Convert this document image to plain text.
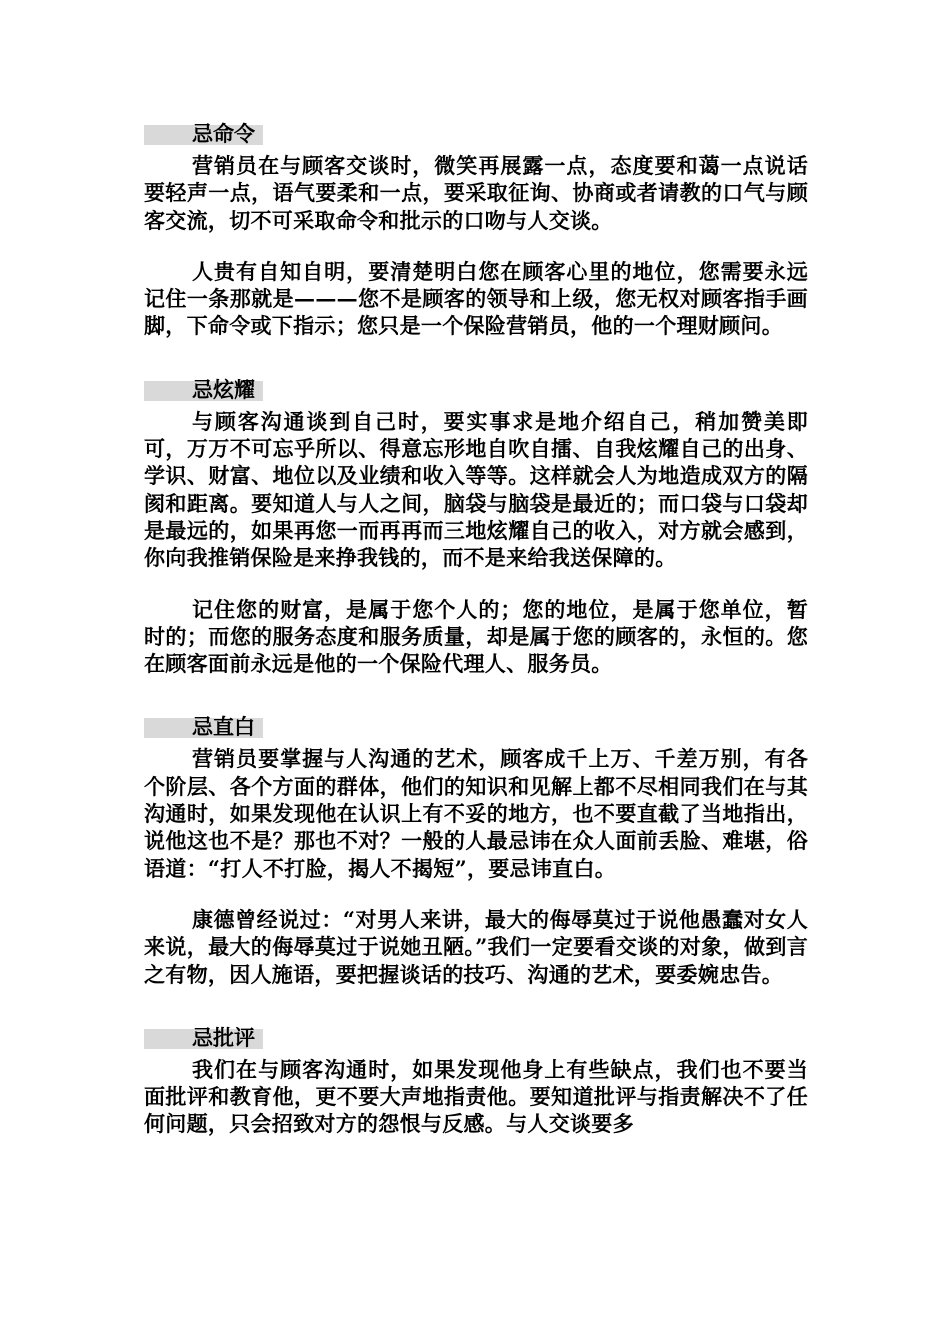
忌命令

营销员在与顾客交谈时，微笑再展露一点，态度要和蔼一点说话要轻声一点，语气要柔和一点，要采取征询、协商或者请教的口气与顾客交流，切不可采取命令和批示的口吻与人交谈。

人贵有自知自明，要清楚明白您在顾客心里的地位，您需要永远记住一条那就是———您不是顾客的领导和上级，您无权对顾客指手画脚，下命令或下指示；您只是一个保险营销员，他的一个理财顾问。

忌炫耀

与顾客沟通谈到自己时，要实事求是地介绍自己，稍加赞美即可，万万不可忘乎所以、得意忘形地自吹自擂、自我炫耀自己的出身、学识、财富、地位以及业绩和收入等等。这样就会人为地造成双方的隔阂和距离。要知道人与人之间，脑袋与脑袋是最近的；而口袋与口袋却是最远的，如果再您一而再再而三地炫耀自己的收入，对方就会感到，你向我推销保险是来挣我钱的，而不是来给我送保障的。

记住您的财富，是属于您个人的；您的地位，是属于您单位，暂时的；而您的服务态度和服务质量，却是属于您的顾客的，永恒的。您在顾客面前永远是他的一个保险代理人、服务员。

忌直白

营销员要掌握与人沟通的艺术，顾客成千上万、千差万别，有各个阶层、各个方面的群体，他们的知识和见解上都不尽相同我们在与其沟通时，如果发现他在认识上有不妥的地方，也不要直截了当地指出，说他这也不是？那也不对？一般的人最忌讳在众人面前丢脸、难堪，俗语道：“打人不打脸，揭人不揭短”，要忌讳直白。

康德曾经说过：“对男人来讲，最大的侮辱莫过于说他愚蠢对女人来说，最大的侮辱莫过于说她丑陋。”我们一定要看交谈的对象，做到言之有物，因人施语，要把握谈话的技巧、沟通的艺术，要委婉忠告。

忌批评

我们在与顾客沟通时，如果发现他身上有些缺点，我们也不要当面批评和教育他，更不要大声地指责他。要知道批评与指责解决不了任何问题，只会招致对方的怨恨与反感。与人交谈要多
